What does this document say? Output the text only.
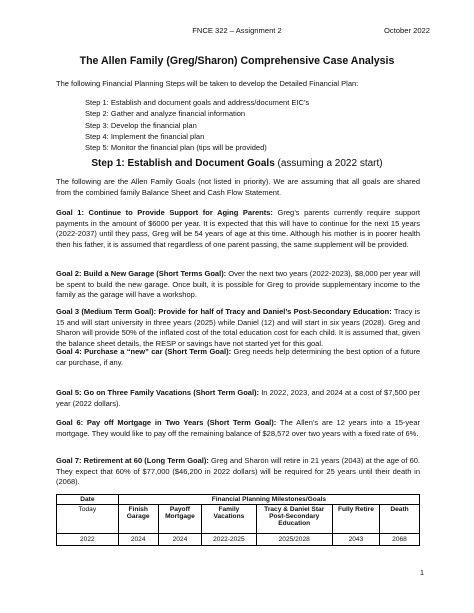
FNCE 322 – Assignment 2	October 2022
The Allen Family (Greg/Sharon) Comprehensive Case Analysis
The following Financial Planning Steps will be taken to develop the Detailed Financial Plan:
Step 1: Establish and document goals and address/document EIC’s
Step 2: Gather and analyze financial information
Step 3: Develop the financial plan
Step 4: Implement the financial plan
Step 5: Monitor the financial plan (tips will be provided)
Step 1: Establish and Document Goals (assuming a 2022 start)
The following are the Allen Family Goals (not listed in priority). We are assuming that all goals are shared from the combined family Balance Sheet and Cash Flow Statement.
Goal 1: Continue to Provide Support for Aging Parents: Greg’s parents currently require support payments in the amount of $6000 per year. It is expected that this will have to continue for the next 15 years (2022-2037) until they pass, Greg will be 54 years of age at this time. Although his mother is in poorer health then his father, it is assumed that regardless of one parent passing, the same supplement will be provided.
Goal 2: Build a New Garage (Short Terms Goal): Over the next two years (2022-2023), $8,000 per year will be spent to build the new garage. Once built, it is possible for Greg to provide supplementary income to the family as the garage will have a workshop.
Goal 3 (Medium Term Goal): Provide for half of Tracy and Daniel’s Post-Secondary Education: Tracy is 15 and will start university in three years (2025) while Daniel (12) and will start in six years (2028). Greg and Sharon will provide 50% of the inflated cost of the total education cost for each child. It is assumed that, given the balance sheet details, the RESP or savings have not started yet for this goal.
Goal 4: Purchase a “new” car (Short Term Goal): Greg needs help determining the best option of a future car purchase, if any.
Goal 5: Go on Three Family Vacations (Short Term Goal): In 2022, 2023, and 2024 at a cost of $7,500 per year (2022 dollars).
Goal 6: Pay off Mortgage in Two Years (Short Term Goal): The Allen’s are 12 years into a 15-year mortgage. They would like to pay off the remaining balance of $28,572 over two years with a fixed rate of 6%.
Goal 7: Retirement at 60 (Long Term Goal): Greg and Sharon will retire in 21 years (2043) at the age of 60. They expect that 60% of $77,000 ($46,200 in 2022 dollars) will be required for 25 years until their death in (2068).
Date	Financial Planning Milestones/Goals					
Today	Finish Garage	Payoff Mortgage	Family Vacations	Tracy & Daniel Star Post-Secondary Education	Fully Retire	Death
2022	2024	2024	2022-2025	2025/2028	2043	2068
1
